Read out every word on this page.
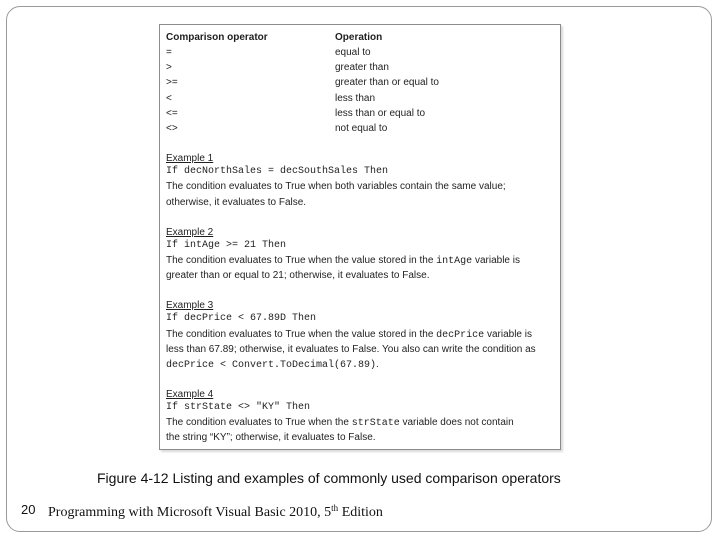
Comparison operator	Operation
=	equal to
>	greater than
>=	greater than or equal to
<	less than
<=	less than or equal to
<>	not equal to
Example 1
If decNorthSales = decSouthSales Then
The condition evaluates to True when both variables contain the same value;
otherwise, it evaluates to False.
Example 2
If intAge >= 21 Then
The condition evaluates to True when the value stored in the intAge variable is
greater than or equal to 21; otherwise, it evaluates to False.
Example 3
If decPrice < 67.89D Then
The condition evaluates to True when the value stored in the decPrice variable is
less than 67.89; otherwise, it evaluates to False. You also can write the condition as
decPrice < Convert.ToDecimal(67.89).
Example 4
If strState <> "KY" Then
The condition evaluates to True when the strState variable does not contain
the string “KY”; otherwise, it evaluates to False.
Figure 4-12 Listing and examples of commonly used comparison operators
20 Programming with Microsoft Visual Basic 2010, 5th Edition
